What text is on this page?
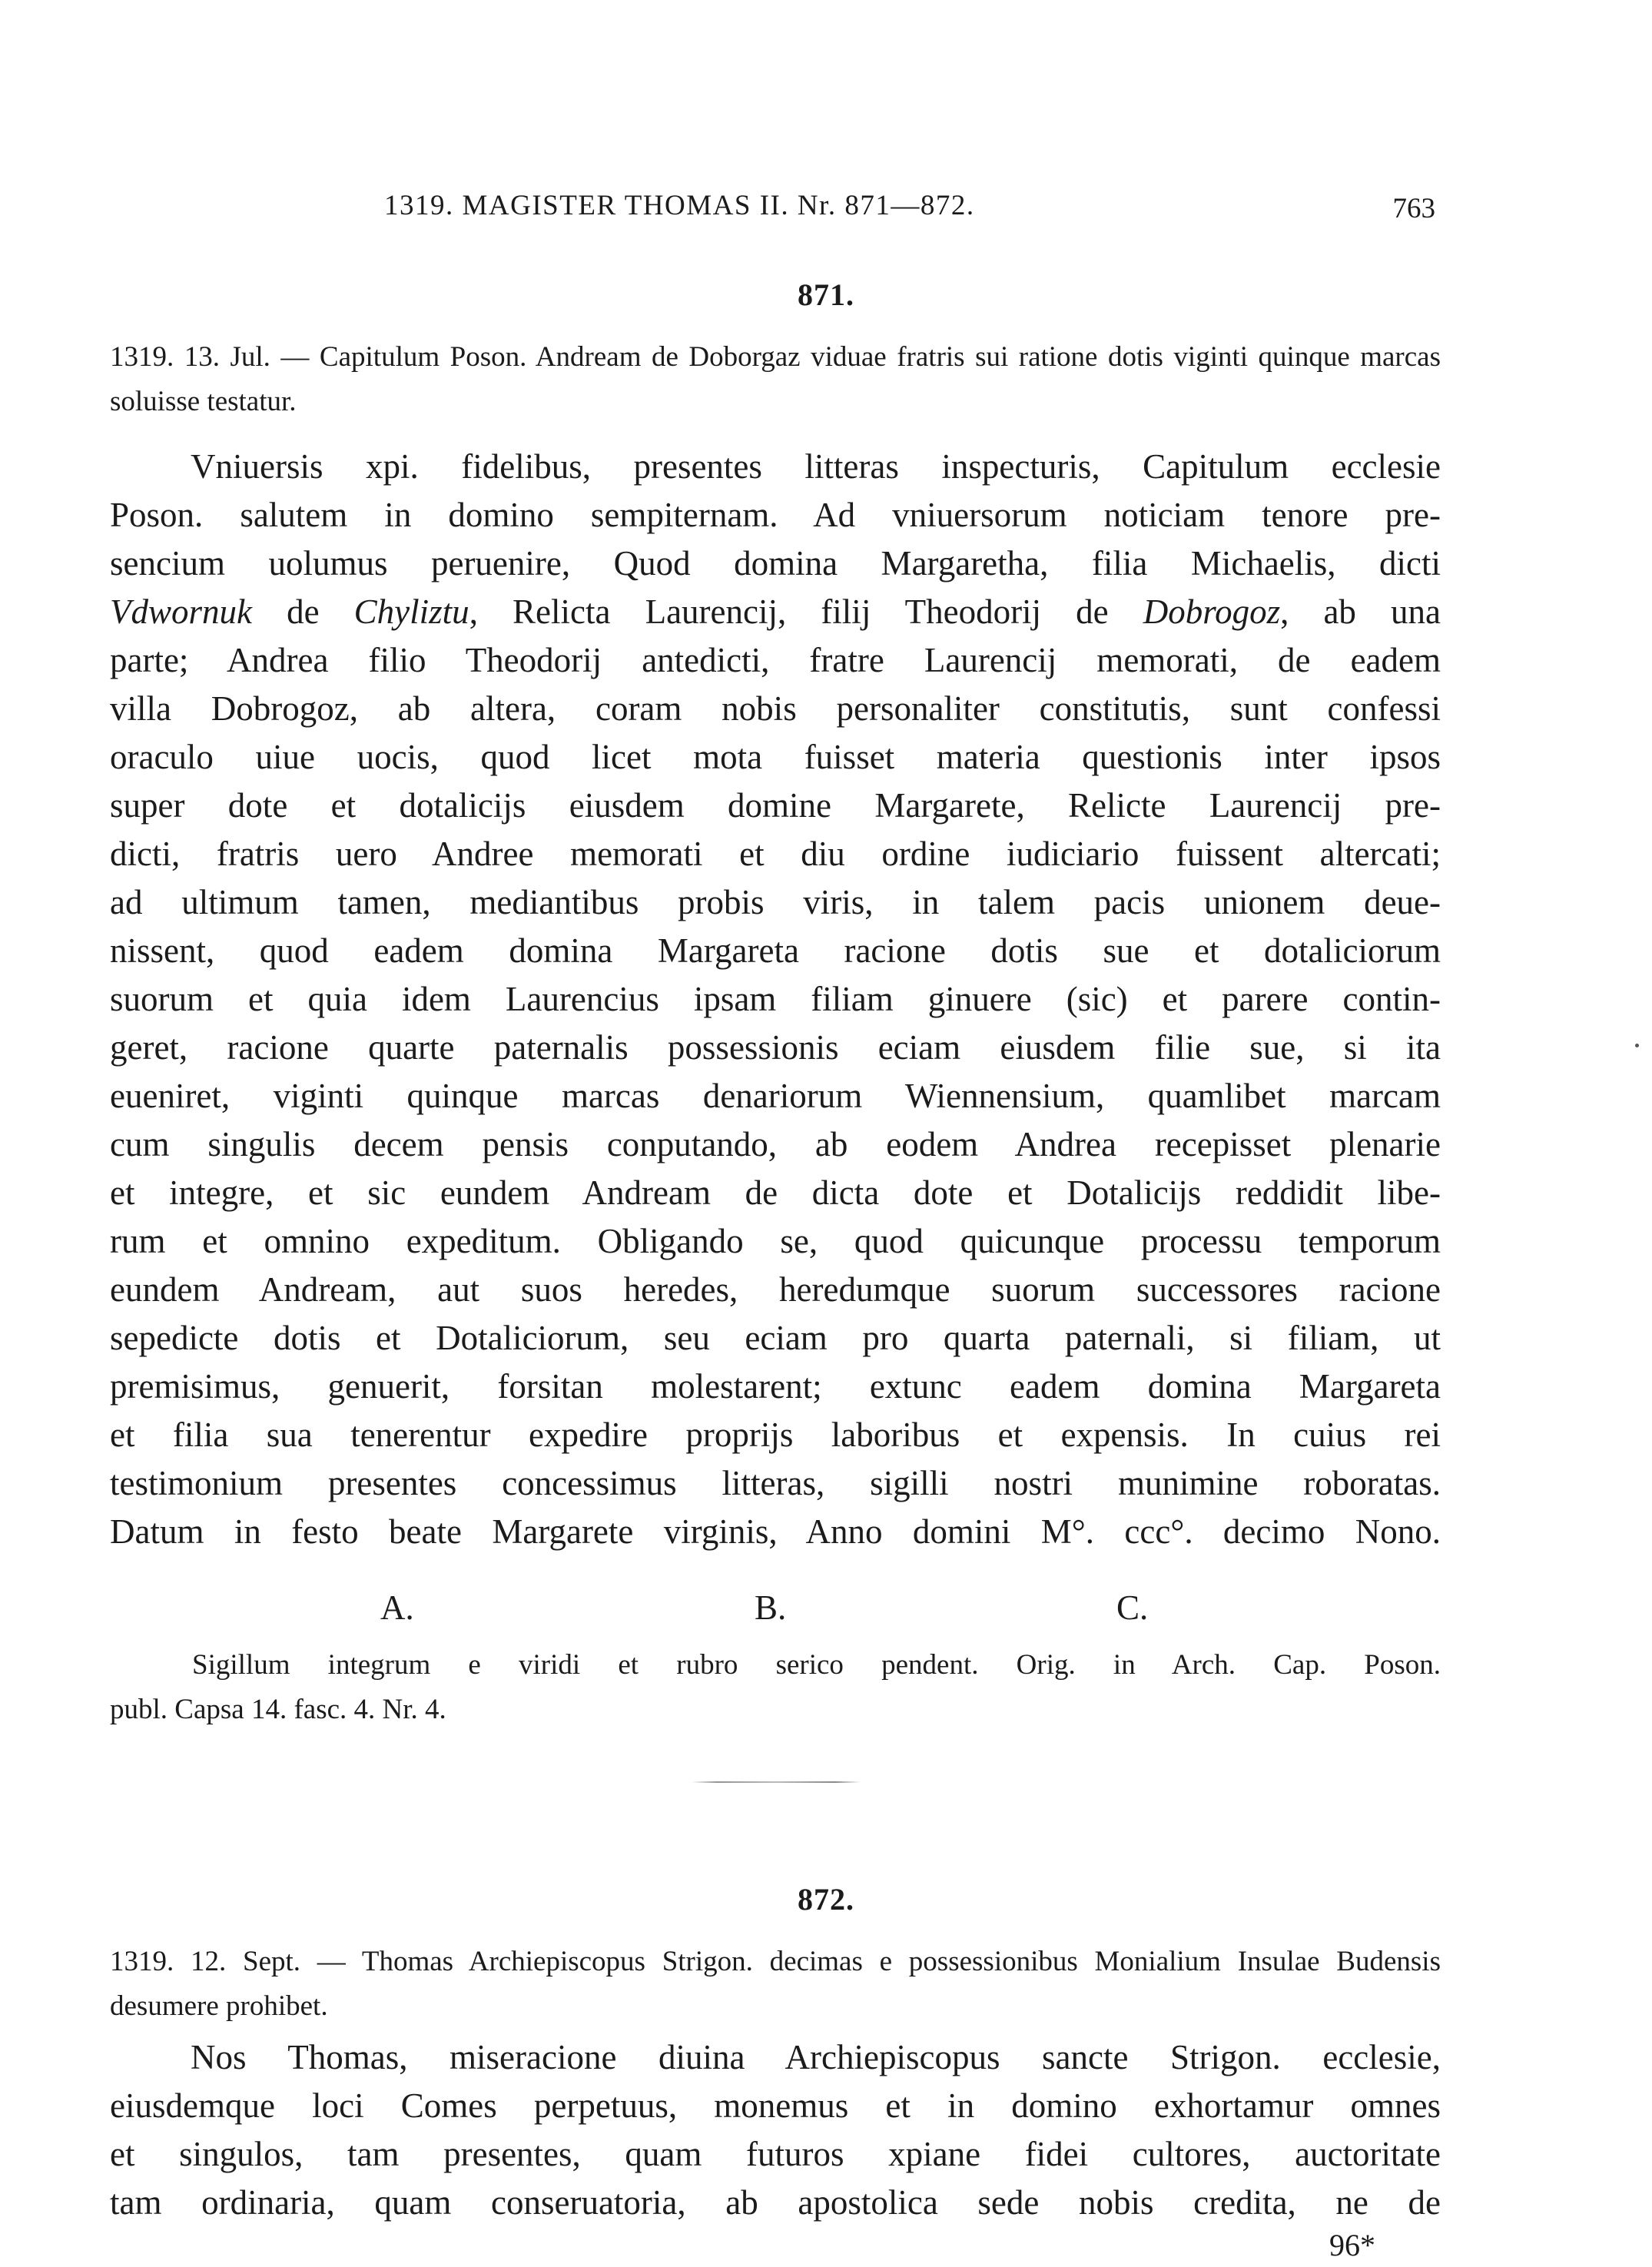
1319. MAGISTER THOMAS II. Nr. 871—872.	763
871.
1319. 13. Jul. — Capitulum Poson. Andream de Doborgaz viduae fratris sui ratione dotis viginti quinque marcas soluisse testatur.
Vniuersis xpi. fidelibus, presentes litteras inspecturis, Capitulum ecclesie
Poson. salutem in domino sempiternam. Ad vniuersorum noticiam tenore pre-
sencium uolumus peruenire, Quod domina Margaretha, filia Michaelis, dicti
Vdwornuk de Chyliztu, Relicta Laurencij, filij Theodorij de Dobrogoz, ab una
parte; Andrea filio Theodorij antedicti, fratre Laurencij memorati, de eadem
villa Dobrogoz, ab altera, coram nobis personaliter constitutis, sunt confessi
oraculo uiue uocis, quod licet mota fuisset materia questionis inter ipsos
super dote et dotalicijs eiusdem domine Margarete, Relicte Laurencij pre-
dicti, fratris uero Andree memorati et diu ordine iudiciario fuissent altercati;
ad ultimum tamen, mediantibus probis viris, in talem pacis unionem deue-
nissent, quod eadem domina Margareta racione dotis sue et dotaliciorum
suorum et quia idem Laurencius ipsam filiam ginuere (sic) et parere contin-
geret, racione quarte paternalis possessionis eciam eiusdem filie sue, si ita
eueniret, viginti quinque marcas denariorum Wiennensium, quamlibet marcam
cum singulis decem pensis conputando, ab eodem Andrea recepisset plenarie
et integre, et sic eundem Andream de dicta dote et Dotalicijs reddidit libe-
rum et omnino expeditum. Obligando se, quod quicunque processu temporum
eundem Andream, aut suos heredes, heredumque suorum successores racione
sepedicte dotis et Dotaliciorum, seu eciam pro quarta paternali, si filiam, ut
premisimus, genuerit, forsitan molestarent; extunc eadem domina Margareta
et filia sua tenerentur expedire proprijs laboribus et expensis. In cuius rei
testimonium presentes concessimus litteras, sigilli nostri munimine roboratas.
Datum in festo beate Margarete virginis, Anno domini M°. ccc°. decimo Nono.
A.	B.	C.
Sigillum integrum e viridi et rubro serico pendent. Orig. in Arch. Cap. Poson.
publ. Capsa 14. fasc. 4. Nr. 4.
872.
1319. 12. Sept. — Thomas Archiepiscopus Strigon. decimas e possessionibus Monialium Insulae Budensis desumere prohibet.
Nos Thomas, miseracione diuina Archiepiscopus sancte Strigon. ecclesie,
eiusdemque loci Comes perpetuus, monemus et in domino exhortamur omnes
et singulos, tam presentes, quam futuros xpiane fidei cultores, auctoritate
tam ordinaria, quam conseruatoria, ab apostolica sede nobis credita, ne de
96*
